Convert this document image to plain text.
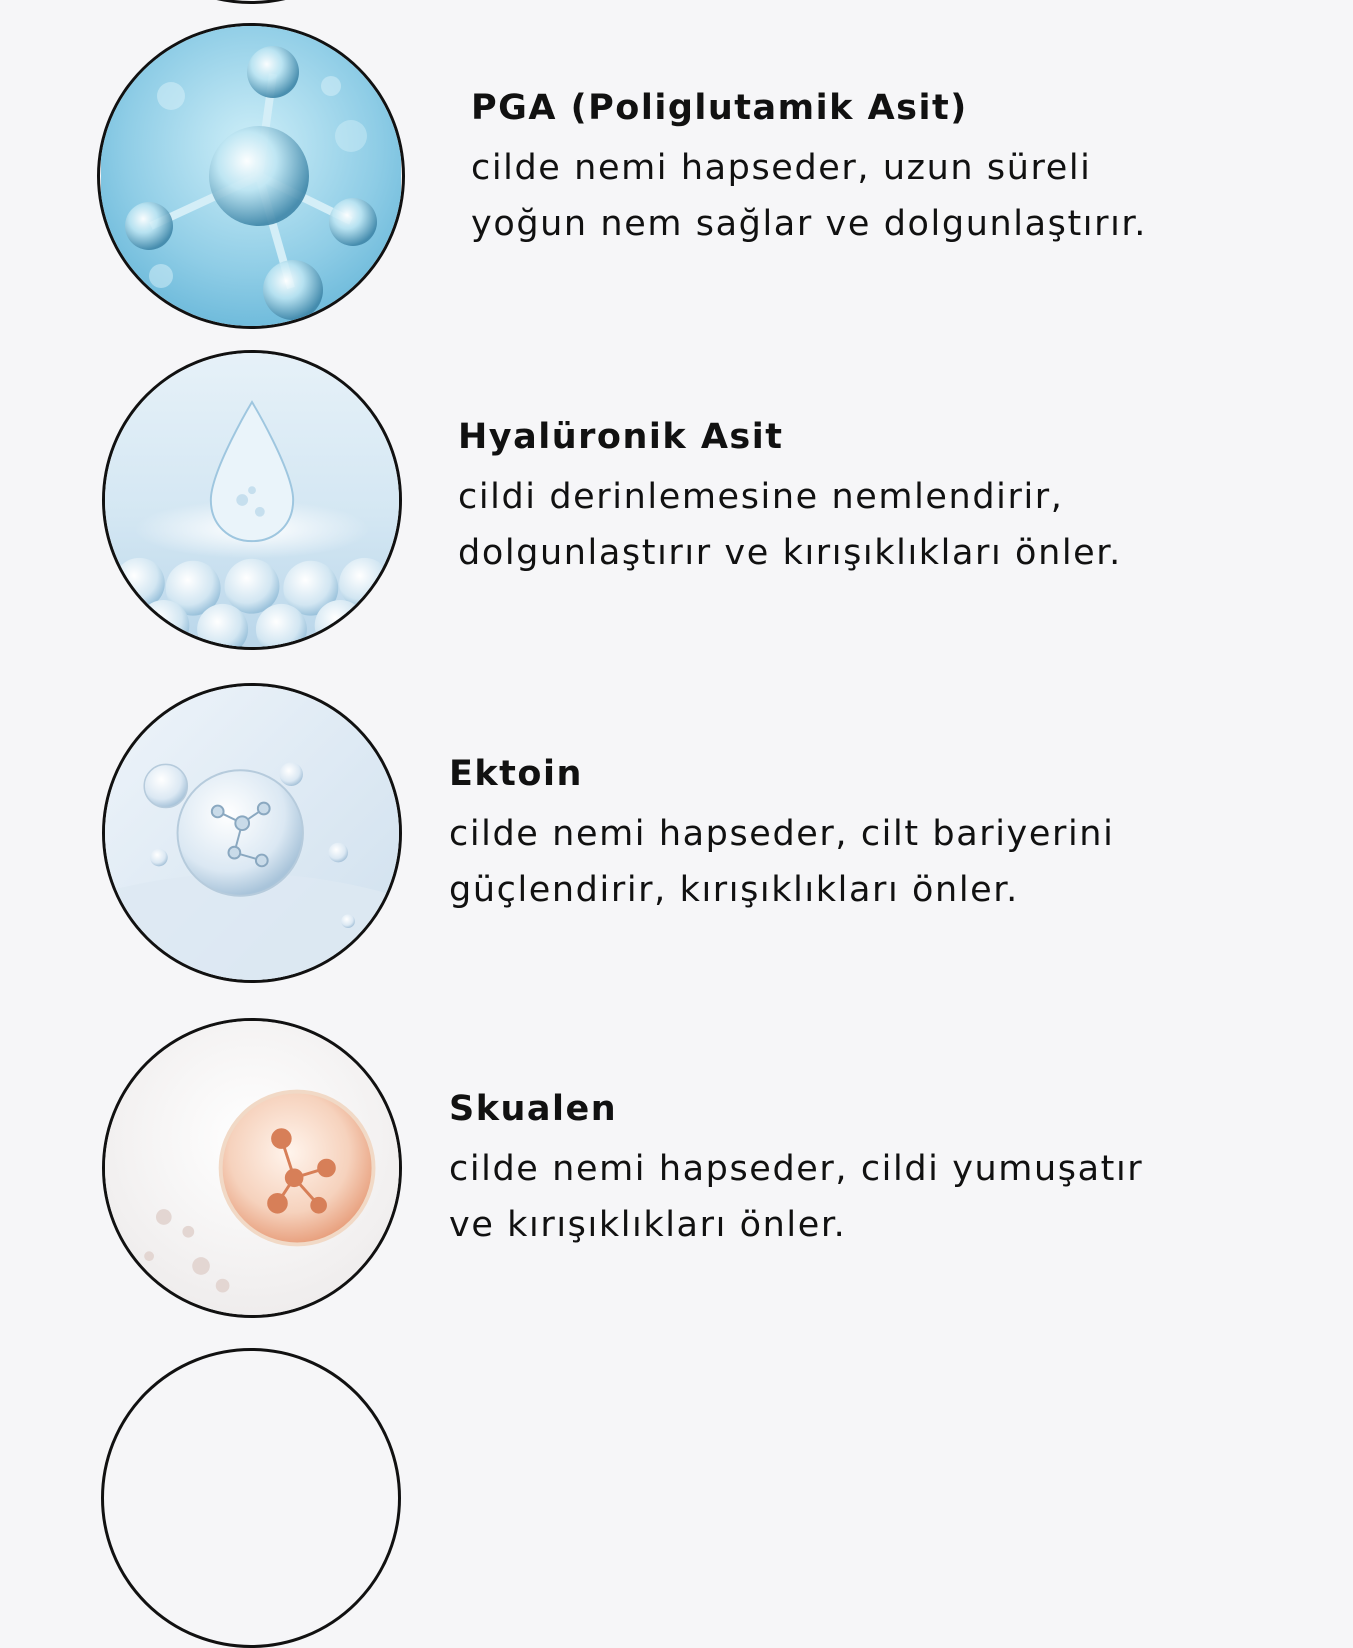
PGA (Poliglutamik Asit)

cilde nemi hapseder, uzun süreli

yoğun nem sağlar ve dolgunlaştırır.

Hyalüronik Asit

cildi derinlemesine nemlendirir,

dolgunlaştırır ve kırışıklıkları önler.

Ektoin

cilde nemi hapseder, cilt bariyerini

güçlendirir, kırışıklıkları önler.

Skualen

cilde nemi hapseder, cildi yumuşatır

ve kırışıklıkları önler.
